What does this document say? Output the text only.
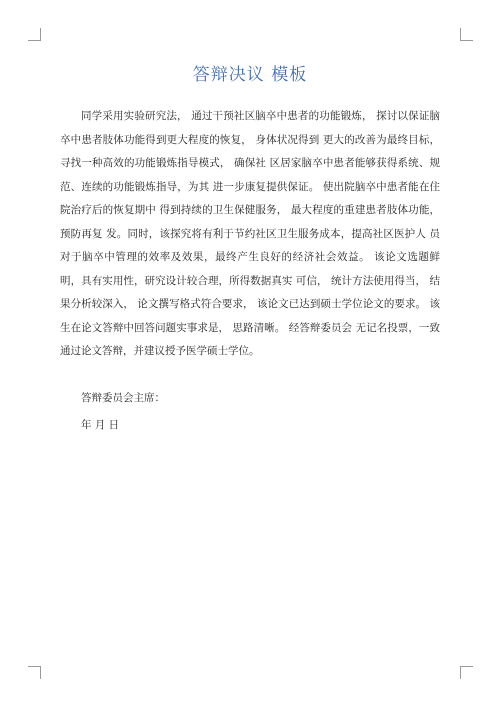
答辩决议 模板

同学采用实验研究法， 通过干预社区脑卒中患者的功能锻炼， 探讨以保证脑卒中患者肢体功能得到更大程度的恢复， 身体状况得到 更大的改善为最终目标， 寻找一种高效的功能锻炼指导模式， 确保社 区居家脑卒中患者能够获得系统、规范、连续的功能锻炼指导，为其 进一步康复提供保证。 使出院脑卒中患者能在住院治疗后的恢复期中 得到持续的卫生保健服务， 最大程度的重建患者肢体功能， 预防再复 发。同时，该探究将有利于节约社区卫生服务成本，提高社区医护人 员对于脑卒中管理的效率及效果，最终产生良好的经济社会效益。 该论文选题鲜明，具有实用性，研究设计较合理，所得数据真实 可信， 统计方法使用得当， 结果分析较深入， 论文撰写格式符合要求， 该论文已达到硕士学位论文的要求。 该生在论文答辩中回答问题实事求是， 思路清晰。 经答辩委员会 无记名投票，一致通过论文答辩，并建议授予医学硕士学位。

答辩委员会主席：

年 月 日
